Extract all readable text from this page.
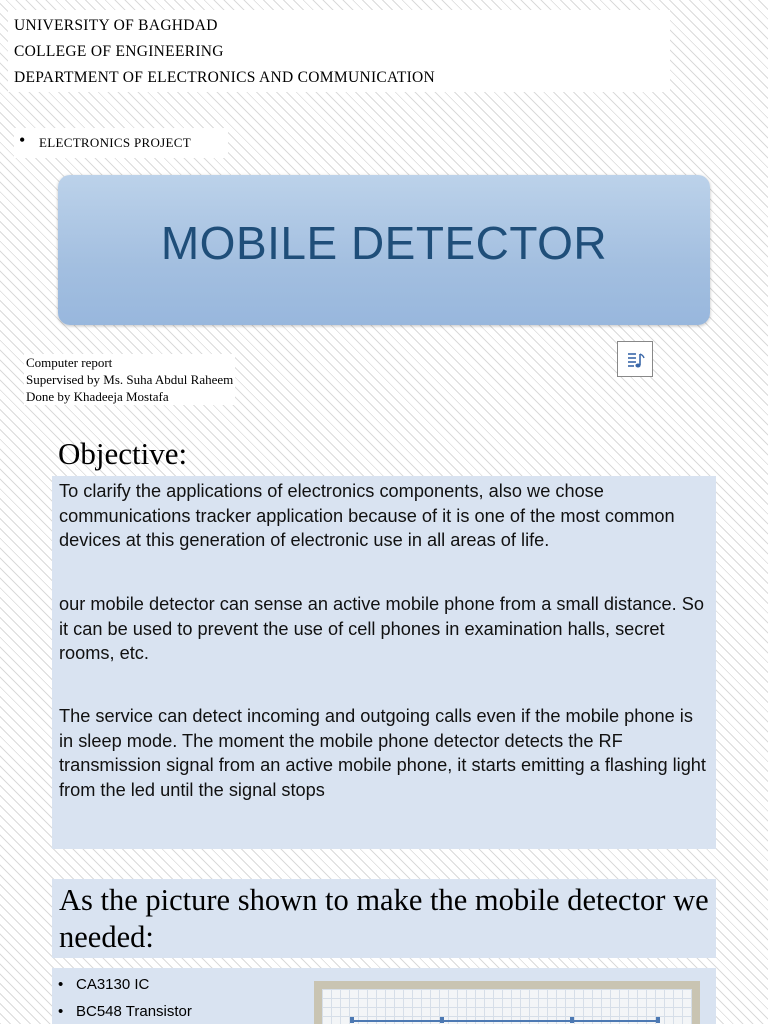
UNIVERSITY OF BAGHDAD
COLLEGE OF ENGINEERING
DEPARTMENT OF ELECTRONICS AND COMMUNICATION
• ELECTRONICS PROJECT
MOBILE DETECTOR
Computer report
Supervised by Ms. Suha Abdul Raheem
Done by Khadeeja Mostafa
Objective:
To clarify the applications of electronics components, also we chose communications tracker application because of it is one of the most common devices at this generation of electronic use in all areas of life.
our mobile detector can sense an active mobile phone from a small distance. So it can be used to prevent the use of cell phones in examination halls, secret rooms, etc.
The service can detect incoming and outgoing calls even if the mobile phone is in sleep mode. The moment the mobile phone detector detects the RF transmission signal from an active mobile phone, it starts emitting a flashing light from the led until the signal stops
As the picture shown to make the mobile detector we needed:
• CA3130 IC
• BC548 Transistor
